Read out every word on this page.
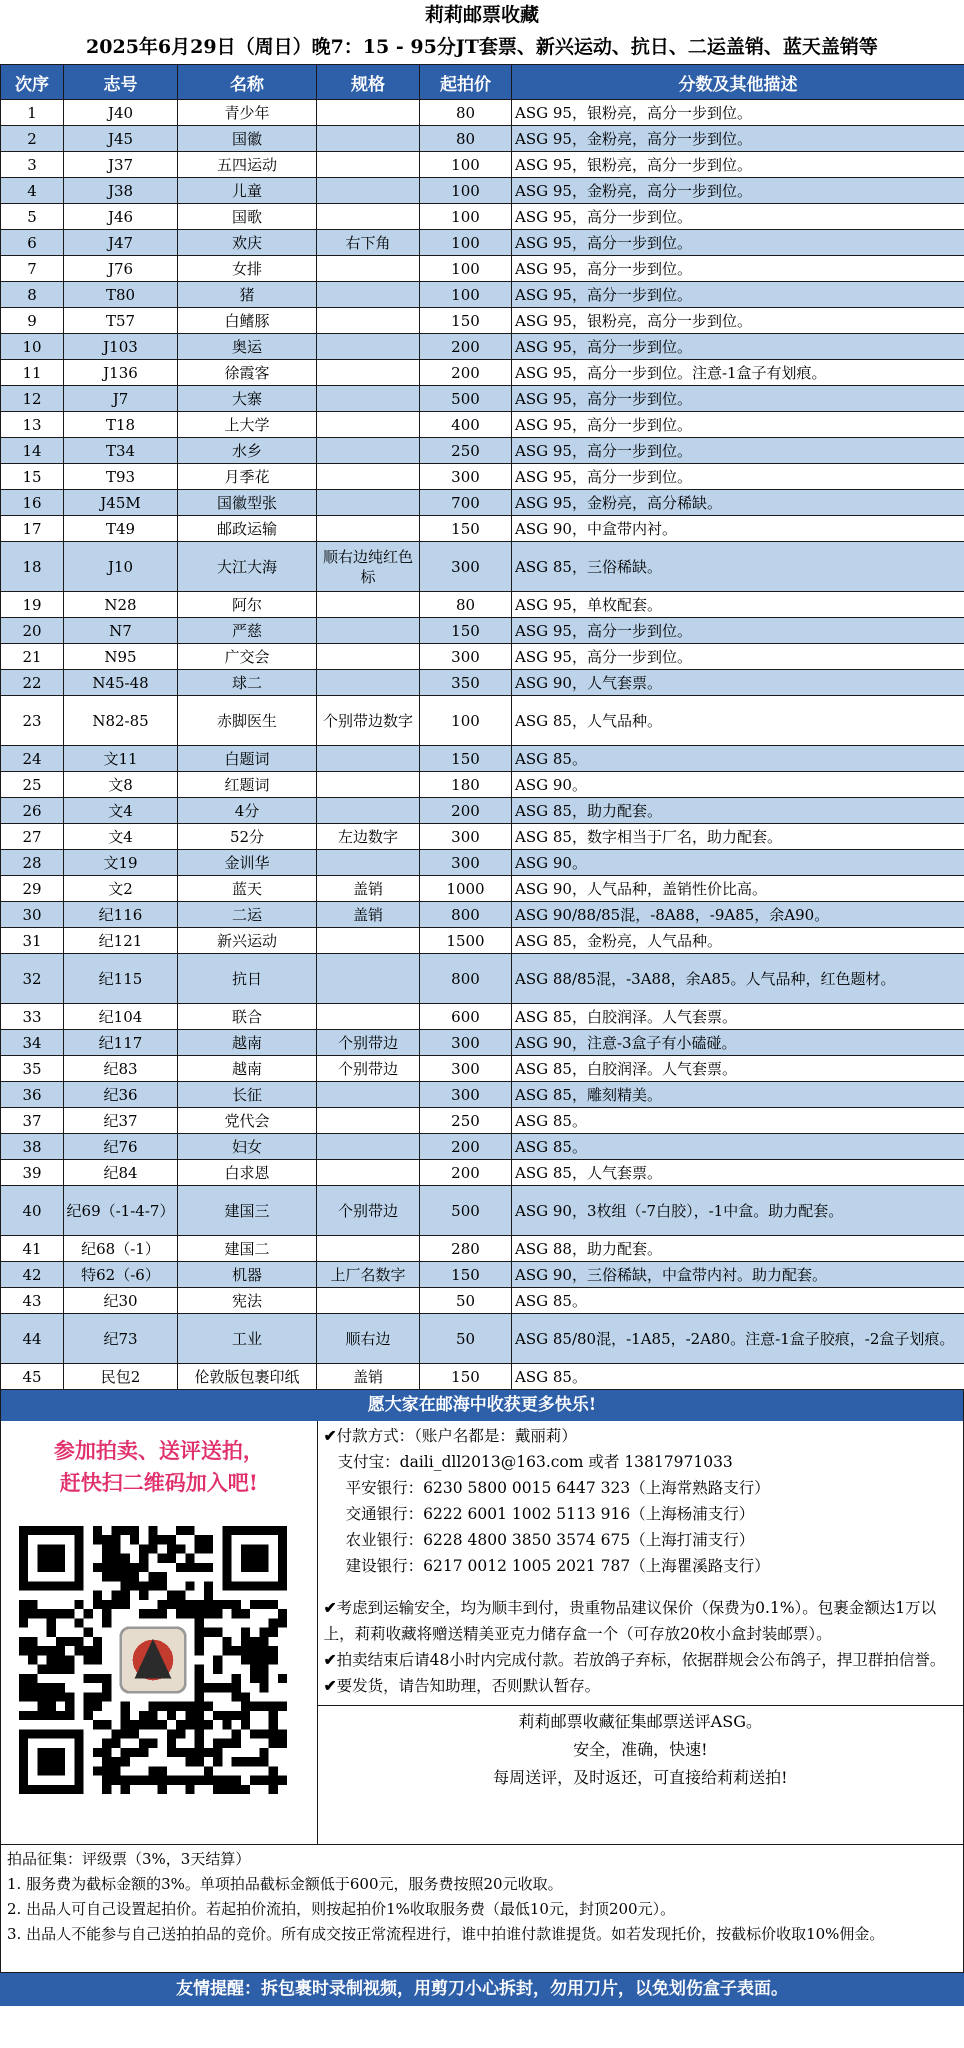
莉莉邮票收藏
2025年6月29日（周日）晚7：15 - 95分JT套票、新兴运动、抗日、二运盖销、蓝天盖销等
次序	志号	名称	规格	起拍价	分数及其他描述
1	J40	青少年		80	ASG 95，银粉亮，高分一步到位。
2	J45	国徽		80	ASG 95，金粉亮，高分一步到位。
3	J37	五四运动		100	ASG 95，银粉亮，高分一步到位。
4	J38	儿童		100	ASG 95，金粉亮，高分一步到位。
5	J46	国歌		100	ASG 95，高分一步到位。
6	J47	欢庆	右下角	100	ASG 95，高分一步到位。
7	J76	女排		100	ASG 95，高分一步到位。
8	T80	猪		100	ASG 95，高分一步到位。
9	T57	白鳍豚		150	ASG 95，银粉亮，高分一步到位。
10	J103	奥运		200	ASG 95，高分一步到位。
11	J136	徐霞客		200	ASG 95，高分一步到位。注意-1盒子有划痕。
12	J7	大寨		500	ASG 95，高分一步到位。
13	T18	上大学		400	ASG 95，高分一步到位。
14	T34	水乡		250	ASG 95，高分一步到位。
15	T93	月季花		300	ASG 95，高分一步到位。
16	J45M	国徽型张		700	ASG 95，金粉亮，高分稀缺。
17	T49	邮政运输		150	ASG 90，中盒带内衬。
18	J10	大江大海	顺右边纯红色标	300	ASG 85，三俗稀缺。
19	N28	阿尔		80	ASG 95，单枚配套。
20	N7	严慈		150	ASG 95，高分一步到位。
21	N95	广交会		300	ASG 95，高分一步到位。
22	N45-48	球二		350	ASG 90，人气套票。
23	N82-85	赤脚医生	个别带边数字	100	ASG 85，人气品种。
24	文11	白题词		150	ASG 85。
25	文8	红题词		180	ASG 90。
26	文4	4分		200	ASG 85，助力配套。
27	文4	52分	左边数字	300	ASG 85，数字相当于厂名，助力配套。
28	文19	金训华		300	ASG 90。
29	文2	蓝天	盖销	1000	ASG 90，人气品种，盖销性价比高。
30	纪116	二运	盖销	800	ASG 90/88/85混，-8A88，-9A85，余A90。
31	纪121	新兴运动		1500	ASG 85，金粉亮，人气品种。
32	纪115	抗日		800	ASG 88/85混，-3A88，余A85。人气品种，红色题材。
33	纪104	联合		600	ASG 85，白胶润泽。人气套票。
34	纪117	越南	个别带边	300	ASG 90，注意-3盒子有小磕碰。
35	纪83	越南	个别带边	300	ASG 85，白胶润泽。人气套票。
36	纪36	长征		300	ASG 85，雕刻精美。
37	纪37	党代会		250	ASG 85。
38	纪76	妇女		200	ASG 85。
39	纪84	白求恩		200	ASG 85，人气套票。
40	纪69（-1-4-7）	建国三	个别带边	500	ASG 90，3枚组（-7白胶），-1中盒。助力配套。
41	纪68（-1）	建国二		280	ASG 88，助力配套。
42	特62（-6）	机器	上厂名数字	150	ASG 90，三俗稀缺，中盒带内衬。助力配套。
43	纪30	宪法		50	ASG 85。
44	纪73	工业	顺右边	50	ASG 85/80混，-1A85，-2A80。注意-1盒子胶痕，-2盒子划痕。
45	民包2	伦敦版包裹印纸	盖销	150	ASG 85。
愿大家在邮海中收获更多快乐!
参加拍卖、送评送拍，
赶快扫二维码加入吧!
✔付款方式：（账户名都是：戴丽莉）
支付宝：daili_dll2013@163.com 或者 13817971033
平安银行：6230 5800 0015 6447 323（上海常熟路支行）
交通银行：6222 6001 1002 5113 916（上海杨浦支行）
农业银行：6228 4800 3850 3574 675（上海打浦支行）
建设银行：6217 0012 1005 2021 787（上海瞿溪路支行）
✔考虑到运输安全，均为顺丰到付，贵重物品建议保价（保费为0.1%）。包裹金额达1万以上，莉莉收藏将赠送精美亚克力储存盒一个（可存放20枚小盒封装邮票）。
✔拍卖结束后请48小时内完成付款。若放鸽子弃标，依据群规会公布鸽子，捍卫群拍信誉。
✔要发货，请告知助理，否则默认暂存。
莉莉邮票收藏征集邮票送评ASG。
安全，准确，快速!
每周送评，及时返还，可直接给莉莉送拍!
拍品征集：评级票（3%，3天结算）
1. 服务费为截标金额的3%。单项拍品截标金额低于600元，服务费按照20元收取。
2. 出品人可自己设置起拍价。若起拍价流拍，则按起拍价1%收取服务费（最低10元，封顶200元）。
3. 出品人不能参与自己送拍拍品的竞价。所有成交按正常流程进行，谁中拍谁付款谁提货。如若发现托价，按截标价收取10%佣金。
友情提醒：拆包裹时录制视频，用剪刀小心拆封，勿用刀片，以免划伤盒子表面。
